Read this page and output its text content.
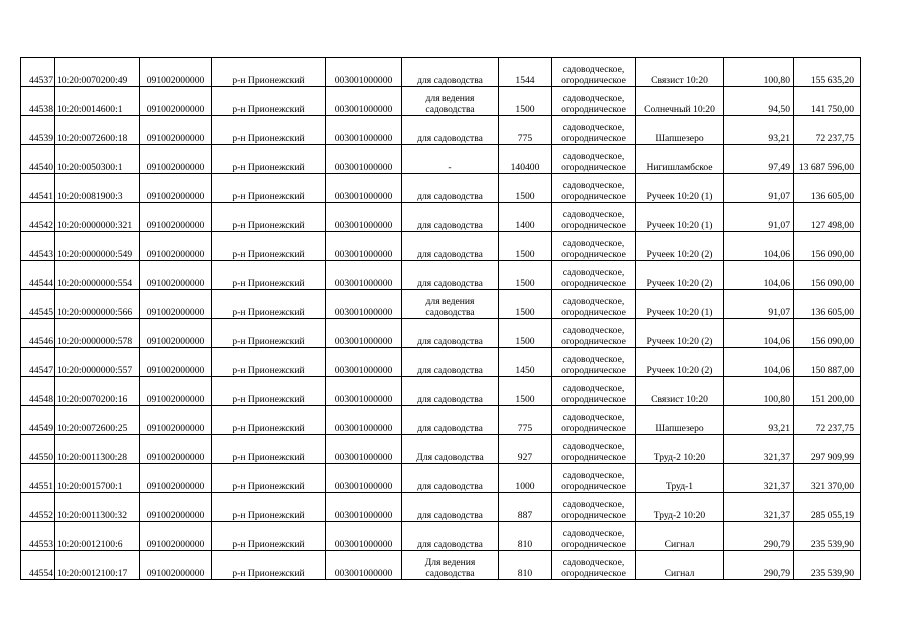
44537	10:20:0070200:49	091002000000	р-н Прионежский	003001000000	для садоводства	1544	садоводческое, огородническое	Связист 10:20	100,80	155 635,20
44538	10:20:0014600:1	091002000000	р-н Прионежский	003001000000	для ведения садоводства	1500	садоводческое, огородническое	Солнечный 10:20	94,50	141 750,00
44539	10:20:0072600:18	091002000000	р-н Прионежский	003001000000	для садоводства	775	садоводческое, огородническое	Шапшезеро	93,21	72 237,75
44540	10:20:0050300:1	091002000000	р-н Прионежский	003001000000	-	140400	садоводческое, огородническое	Нигишламбское	97,49	13 687 596,00
44541	10:20:0081900:3	091002000000	р-н Прионежский	003001000000	для садоводства	1500	садоводческое, огородническое	Ручеек 10:20 (1)	91,07	136 605,00
44542	10:20:0000000:321	091002000000	р-н Прионежский	003001000000	для садоводства	1400	садоводческое, огородническое	Ручеек 10:20 (1)	91,07	127 498,00
44543	10:20:0000000:549	091002000000	р-н Прионежский	003001000000	для садоводства	1500	садоводческое, огородническое	Ручеек 10:20 (2)	104,06	156 090,00
44544	10:20:0000000:554	091002000000	р-н Прионежский	003001000000	для садоводства	1500	садоводческое, огородническое	Ручеек 10:20 (2)	104,06	156 090,00
44545	10:20:0000000:566	091002000000	р-н Прионежский	003001000000	для ведения садоводства	1500	садоводческое, огородническое	Ручеек 10:20 (1)	91,07	136 605,00
44546	10:20:0000000:578	091002000000	р-н Прионежский	003001000000	для садоводства	1500	садоводческое, огородническое	Ручеек 10:20 (2)	104,06	156 090,00
44547	10:20:0000000:557	091002000000	р-н Прионежский	003001000000	для садоводства	1450	садоводческое, огородническое	Ручеек 10:20 (2)	104,06	150 887,00
44548	10:20:0070200:16	091002000000	р-н Прионежский	003001000000	для садоводства	1500	садоводческое, огородническое	Связист 10:20	100,80	151 200,00
44549	10:20:0072600:25	091002000000	р-н Прионежский	003001000000	для садоводства	775	садоводческое, огородническое	Шапшезеро	93,21	72 237,75
44550	10:20:0011300:28	091002000000	р-н Прионежский	003001000000	Для садоводства	927	садоводческое, огородническое	Труд-2 10:20	321,37	297 909,99
44551	10:20:0015700:1	091002000000	р-н Прионежский	003001000000	для садоводства	1000	садоводческое, огородническое	Труд-1	321,37	321 370,00
44552	10:20:0011300:32	091002000000	р-н Прионежский	003001000000	для садоводства	887	садоводческое, огородническое	Труд-2 10:20	321,37	285 055,19
44553	10:20:0012100:6	091002000000	р-н Прионежский	003001000000	для садоводства	810	садоводческое, огородническое	Сигнал	290,79	235 539,90
44554	10:20:0012100:17	091002000000	р-н Прионежский	003001000000	Для ведения садоводства	810	садоводческое, огородническое	Сигнал	290,79	235 539,90
